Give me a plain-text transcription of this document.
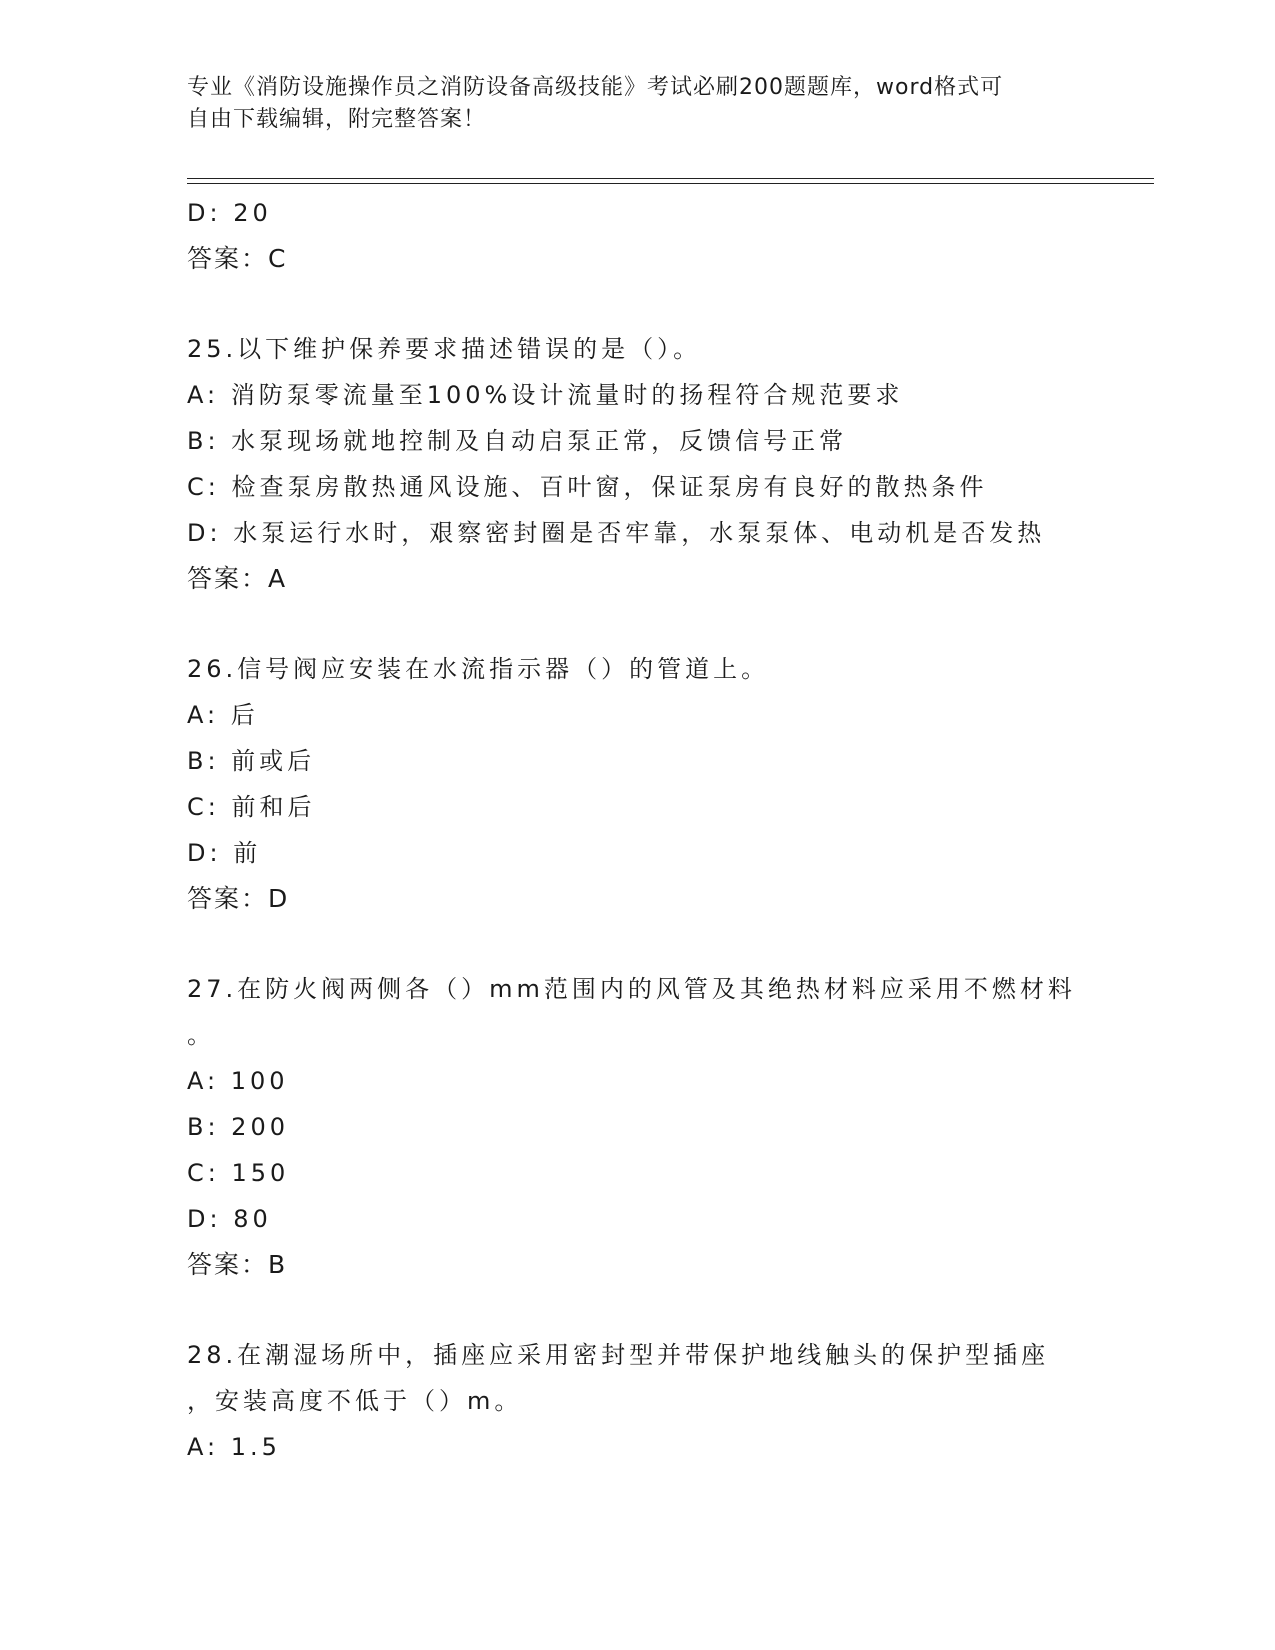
专业《消防设施操作员之消防设备高级技能》考试必刷200题题库，word格式可
自由下载编辑，附完整答案！
D: 20
答案：C
25.以下维护保养要求描述错误的是（）。
A: 消防泵零流量至100%设计流量时的扬程符合规范要求
B: 水泵现场就地控制及自动启泵正常，反馈信号正常
C: 检查泵房散热通风设施、百叶窗，保证泵房有良好的散热条件
D: 水泵运行水时，艰察密封圈是否牢靠，水泵泵体、电动机是否发热
答案：A
26.信号阀应安装在水流指示器（）的管道上。
A: 后
B: 前或后
C: 前和后
D: 前
答案：D
27.在防火阀两侧各（）mm范围内的风管及其绝热材料应采用不燃材料
。
A: 100
B: 200
C: 150
D: 80
答案：B
28.在潮湿场所中，插座应采用密封型并带保护地线触头的保护型插座
，安装高度不低于（）m。
A: 1.5
